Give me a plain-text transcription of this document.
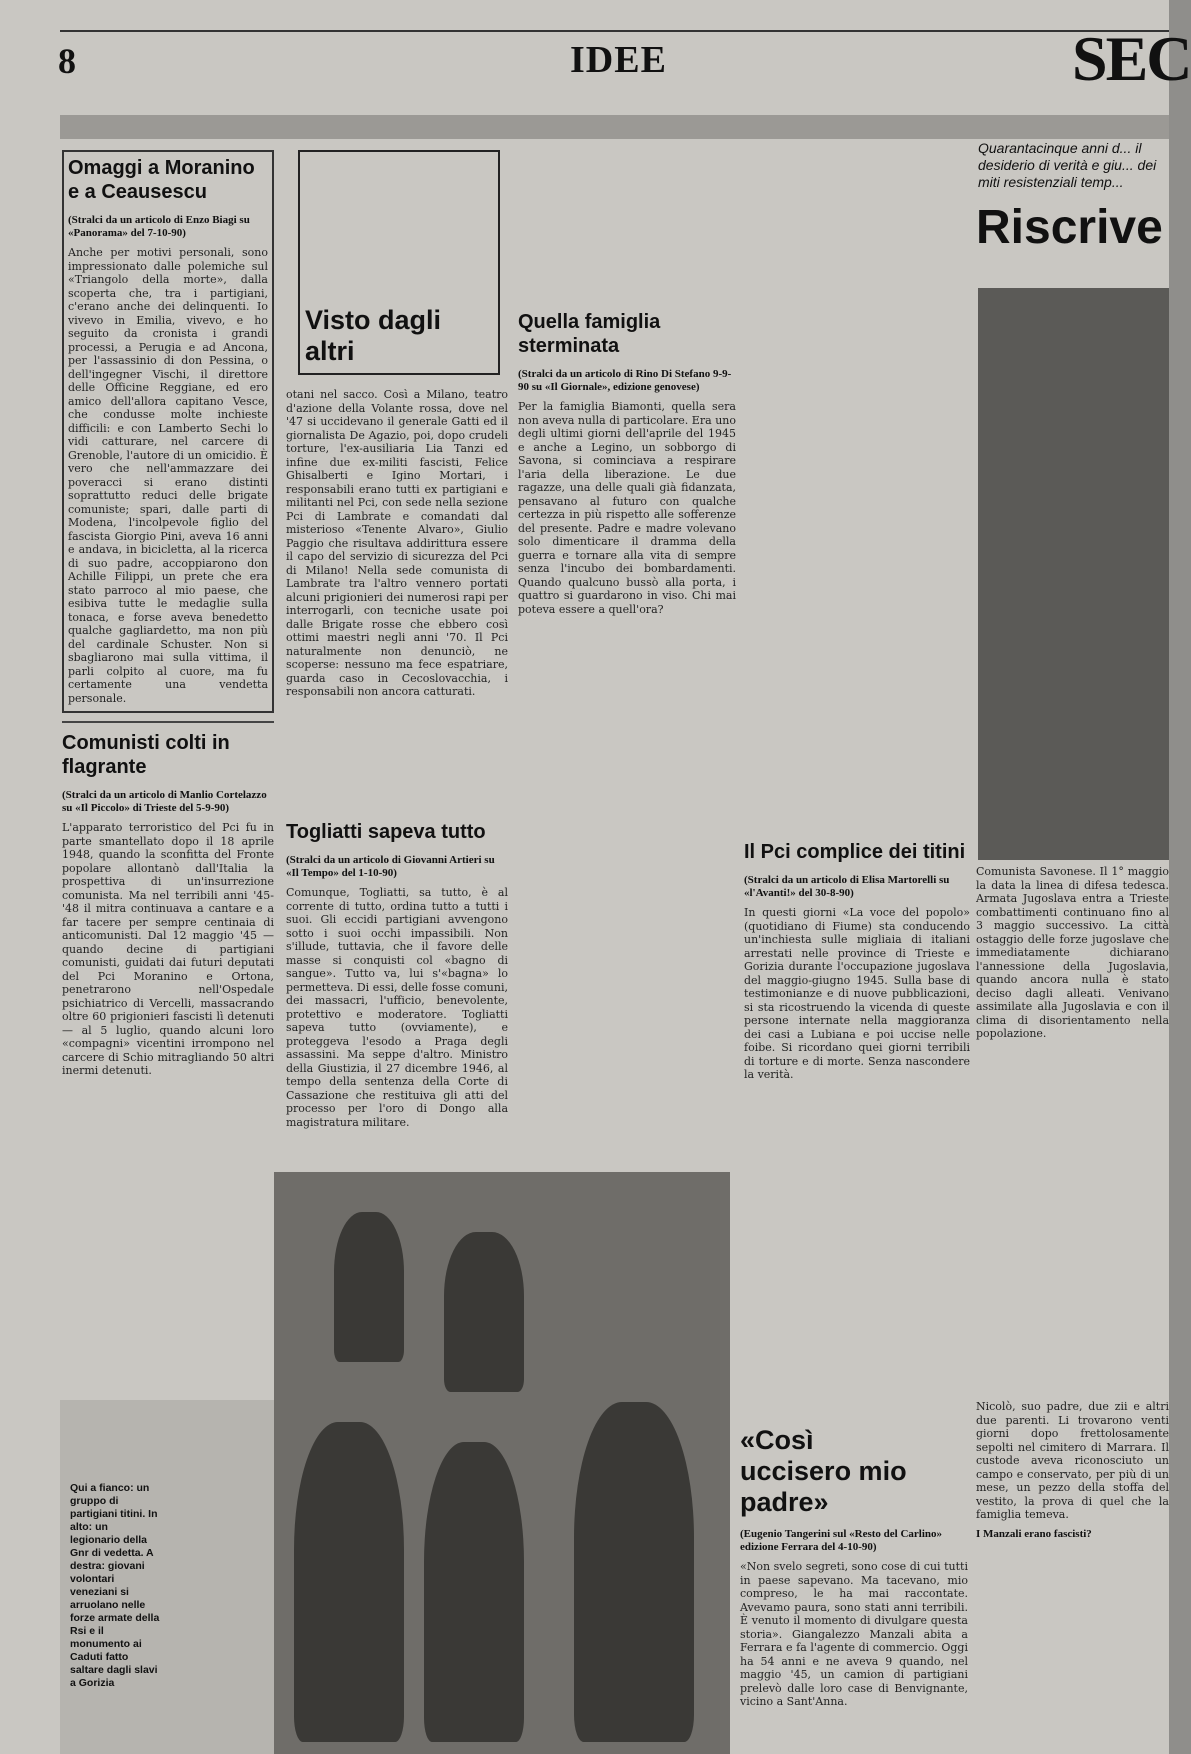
8	IDEE	SEC
Omaggi a Moranino e a Ceausescu

(Stralci da un articolo di Enzo Biagi su «Panorama» del 7-10-90)

Anche per motivi personali, sono impressionato dalle polemiche sul «Triangolo della morte», dalla scoperta che, tra i partigiani, c'erano anche dei delinquenti. Io vivevo in Emilia, vivevo, e ho seguito da cronista i grandi processi, a Perugia e ad Ancona, per l'assassinio di don Pessina, o dell'ingegner Vischi, il direttore delle Officine Reggiane, ed ero amico dell'allora capitano Vesce, che condusse molte inchieste difficili: e con Lamberto Sechi lo vidi catturare, nel carcere di Grenoble, l'autore di un omicidio. È vero che nell'ammazzare dei poveracci si erano distinti soprattutto reduci delle brigate comuniste; spari, dalle parti di Modena, l'incolpevole figlio del fascista Giorgio Pini, aveva 16 anni e andava, in bicicletta, al la ricerca di suo padre, accoppiarono don Achille Filippi, un prete che era stato parroco al mio paese, che esibiva tutte le medaglie sulla tonaca, e forse aveva benedetto qualche gagliardetto, ma non più del cardinale Schuster. Non si sbagliarono mai sulla vittima, il parli colpito al cuore, ma fu certamente una vendetta personale.

Comunisti colti in flagrante

(Stralci da un articolo di Manlio Cortelazzo su «Il Piccolo» di Trieste del 5-9-90)

L'apparato terroristico del Pci fu in parte smantellato dopo il 18 aprile 1948, quando la sconfitta del Fronte popolare allontanò dall'Italia la prospettiva di un'insurrezione comunista. Ma nel terribili anni '45-'48 il mitra continuava a cantare e a far tacere per sempre centinaia di anticomunisti. Dal 12 maggio '45 — quando decine di partigiani comunisti, guidati dai futuri deputati del Pci Moranino e Ortona, penetrarono nell'Ospedale psichiatrico di Vercelli, massacrando oltre 60 prigionieri fascisti lì detenuti — al 5 luglio, quando alcuni loro «compagni» vicentini irrompono nel carcere di Schio mitragliando 50 altri inermi detenuti.

Visto dagli altri

otani nel sacco. Così a Milano, teatro d'azione della Volante rossa, dove nel '47 si uccidevano il generale Gatti ed il giornalista De Agazio, poi, dopo crudeli torture, l'ex-ausiliaria Lia Tanzi ed infine due ex-militi fascisti, Felice Ghisalberti e Igino Mortari, i responsabili erano tutti ex partigiani e militanti nel Pci, con sede nella sezione Pci di Lambrate e comandati dal misterioso «Tenente Alvaro», Giulio Paggio che risultava addirittura essere il capo del servizio di sicurezza del Pci di Milano! Nella sede comunista di Lambrate tra l'altro vennero portati alcuni prigionieri dei numerosi rapi per interrogarli, con tecniche usate poi dalle Brigate rosse che ebbero così ottimi maestri negli anni '70. Il Pci naturalmente non denunciò, ne scoperse: nessuno ma fece espatriare, guarda caso in Cecoslovacchia, i responsabili non ancora catturati.

Togliatti sapeva tutto

(Stralci da un articolo di Giovanni Artieri su «Il Tempo» del 1-10-90)

Comunque, Togliatti, sa tutto, è al corrente di tutto, ordina tutto a tutti i suoi. Gli eccidi partigiani avvengono sotto i suoi occhi impassibili. Non s'illude, tuttavia, che il favore delle masse si conquisti col «bagno di sangue». Tutto va, lui s'«bagna» lo permetteva. Di essi, delle fosse comuni, dei massacri, l'ufficio, benevolente, protettivo e moderatore. Togliatti sapeva tutto (ovviamente), e proteggeva l'esodo a Praga degli assassini. Ma seppe d'altro. Ministro della Giustizia, il 27 dicembre 1946, al tempo della sentenza della Corte di Cassazione che restituiva gli atti del processo per l'oro di Dongo alla magistratura militare.

Quella famiglia sterminata

(Stralci da un articolo di Rino Di Stefano 9-9-90 su «Il Giornale», edizione genovese)

Per la famiglia Biamonti, quella sera non aveva nulla di particolare. Era uno degli ultimi giorni dell'aprile del 1945 e anche a Legino, un sobborgo di Savona, si cominciava a respirare l'aria della liberazione. Le due ragazze, una delle quali già fidanzata, pensavano al futuro con qualche certezza in più rispetto alle sofferenze del presente. Padre e madre volevano solo dimenticare il dramma della guerra e tornare alla vita di sempre senza l'incubo dei bombardamenti. Quando qualcuno bussò alla porta, i quattro si guardarono in viso. Chi mai poteva essere a quell'ora?

Il Pci complice dei titini

(Stralci da un articolo di Elisa Martorelli su «l'Avanti!» del 30-8-90)

In questi giorni «La voce del popolo» (quotidiano di Fiume) sta conducendo un'inchiesta sulle migliaia di italiani arrestati nelle province di Trieste e Gorizia durante l'occupazione jugoslava del maggio-giugno 1945. Sulla base di testimonianze e di nuove pubblicazioni, si sta ricostruendo la vicenda di queste persone internate nella maggioranza dei casi a Lubiana e poi uccise nelle foibe. Si ricordano quei giorni terribili di torture e di morte. Senza nascondere la verità.

Qui a fianco: un gruppo di partigiani titini. In alto: un legionario della Gnr di vedetta. A destra: giovani volontari veneziani si arruolano nelle forze armate della Rsi e il monumento ai Caduti fatto saltare dagli slavi a Gorizia
«Così uccisero mio padre»

(Eugenio Tangerini sul «Resto del Carlino» edizione Ferrara del 4-10-90)

«Non svelo segreti, sono cose di cui tutti in paese sapevano. Ma tacevano, mio compreso, le ha mai raccontate. Avevamo paura, sono stati anni terribili. È venuto il momento di divulgare questa storia». Giangalezzo Manzali abita a Ferrara e fa l'agente di commercio. Oggi ha 54 anni e ne aveva 9 quando, nel maggio '45, un camion di partigiani prelevò dalle loro case di Benvignante, vicino a Sant'Anna.

Quarantacinque anni d... il desiderio di verità e giu... dei miti resistenziali temp...
Riscrive

Comunista Savonese. Il 1° maggio la data la linea di difesa tedesca. Armata Jugoslava entra a Trieste combattimenti continuano fino al 3 maggio successivo. La città ostaggio delle forze jugoslave che immediatamente dichiarano l'annessione della Jugoslavia, quando ancora nulla è stato deciso dagli alleati. Venivano assimilate alla Jugoslavia e con il clima di disorientamento nella popolazione.

Nicolò, suo padre, due zii e altri due parenti. Li trovarono venti giorni dopo frettolosamente sepolti nel cimitero di Marrara. Il custode aveva riconosciuto un campo e conservato, per più di un mese, un pezzo della stoffa del vestito, la prova di quel che la famiglia temeva.

I Manzali erano fascisti?
